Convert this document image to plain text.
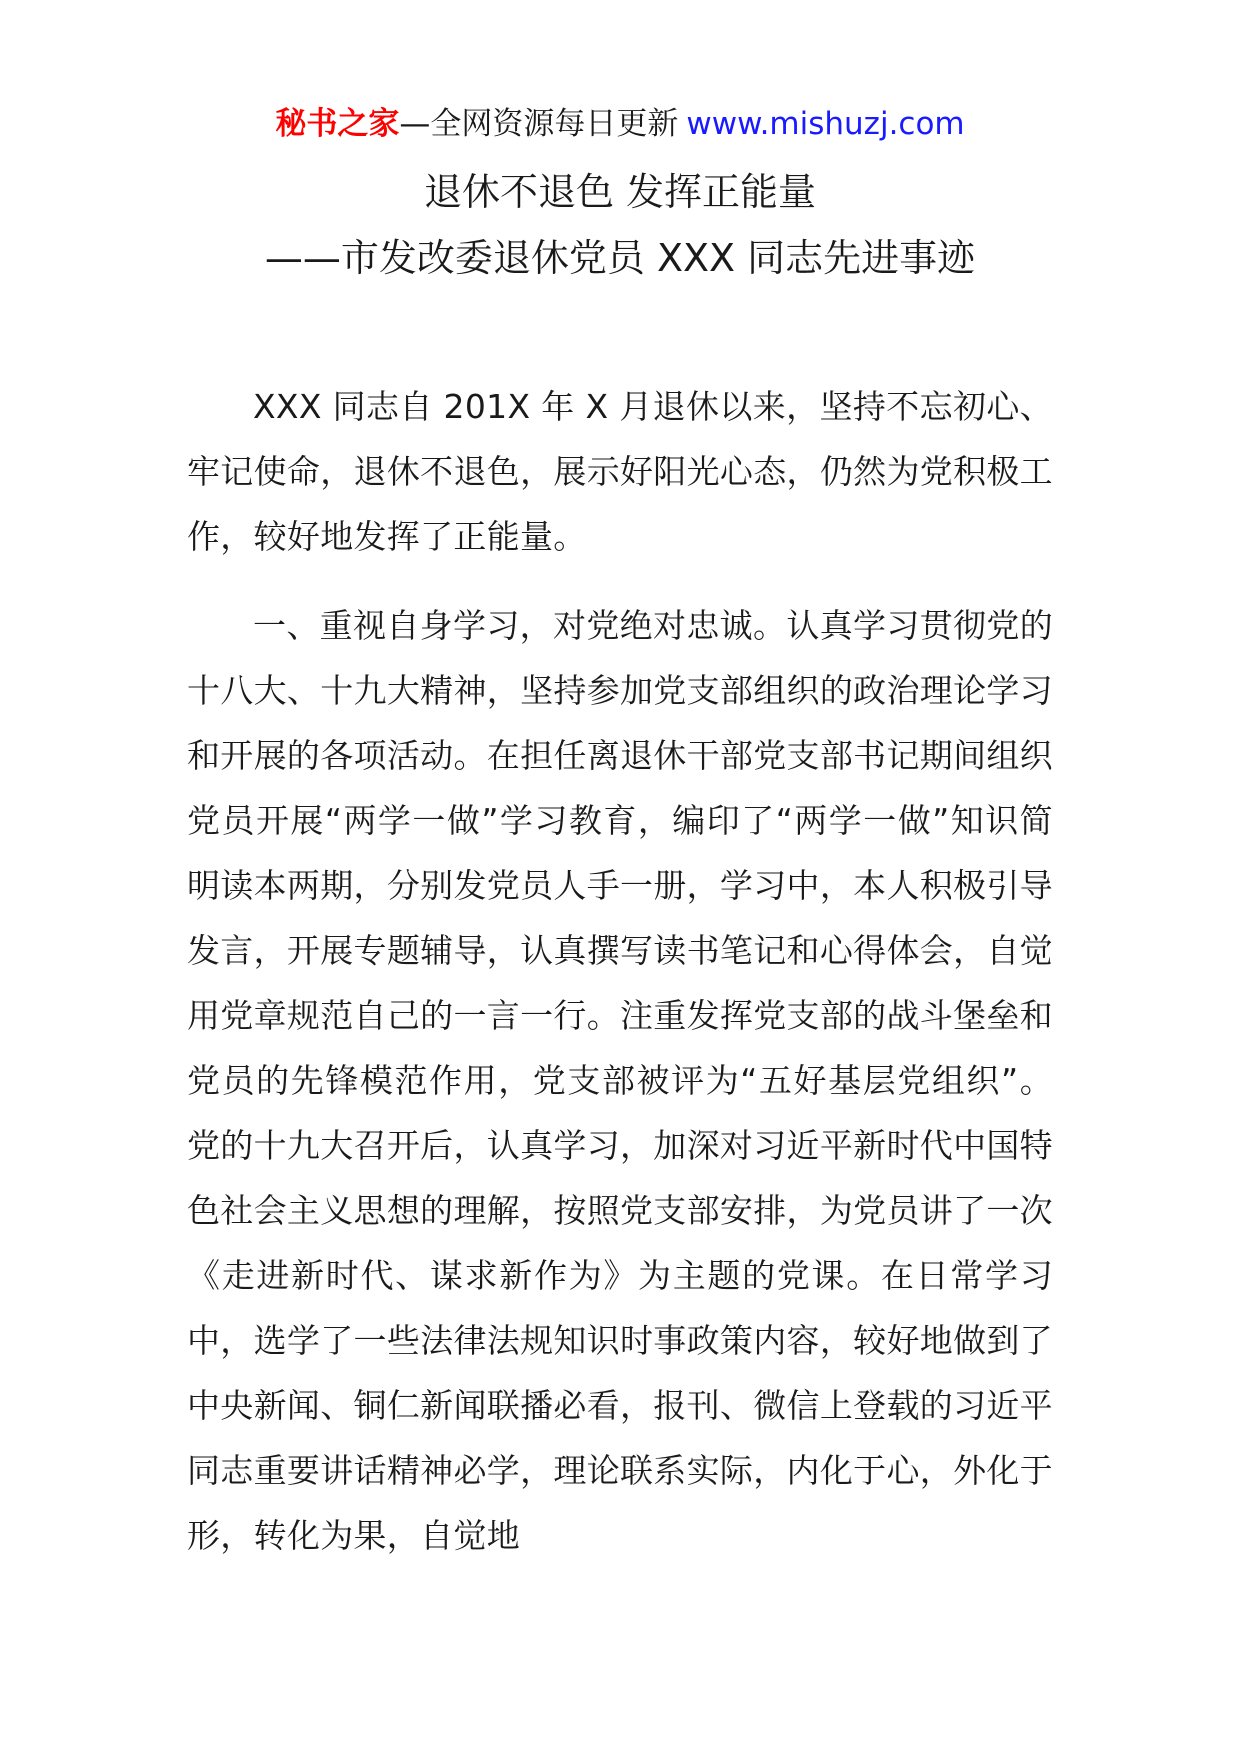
秘书之家—全网资源每日更新 www.mishuzj.com
退休不退色 发挥正能量
——市发改委退休党员 XXX 同志先进事迹

XXX 同志自 201X 年 X 月退休以来，坚持不忘初心、牢记使命，退休不退色，展示好阳光心态，仍然为党积极工作，较好地发挥了正能量。

一、重视自身学习，对党绝对忠诚。认真学习贯彻党的十八大、十九大精神，坚持参加党支部组织的政治理论学习和开展的各项活动。在担任离退休干部党支部书记期间组织党员开展“两学一做”学习教育，编印了“两学一做”知识简明读本两期，分别发党员人手一册，学习中，本人积极引导发言，开展专题辅导，认真撰写读书笔记和心得体会，自觉用党章规范自己的一言一行。注重发挥党支部的战斗堡垒和党员的先锋模范作用，党支部被评为“五好基层党组织”。党的十九大召开后，认真学习，加深对习近平新时代中国特色社会主义思想的理解，按照党支部安排，为党员讲了一次《走进新时代、谋求新作为》为主题的党课。在日常学习中，选学了一些法律法规知识时事政策内容，较好地做到了中央新闻、铜仁新闻联播必看，报刊、微信上登载的习近平同志重要讲话精神必学，理论联系实际，内化于心，外化于形，转化为果，自觉地
